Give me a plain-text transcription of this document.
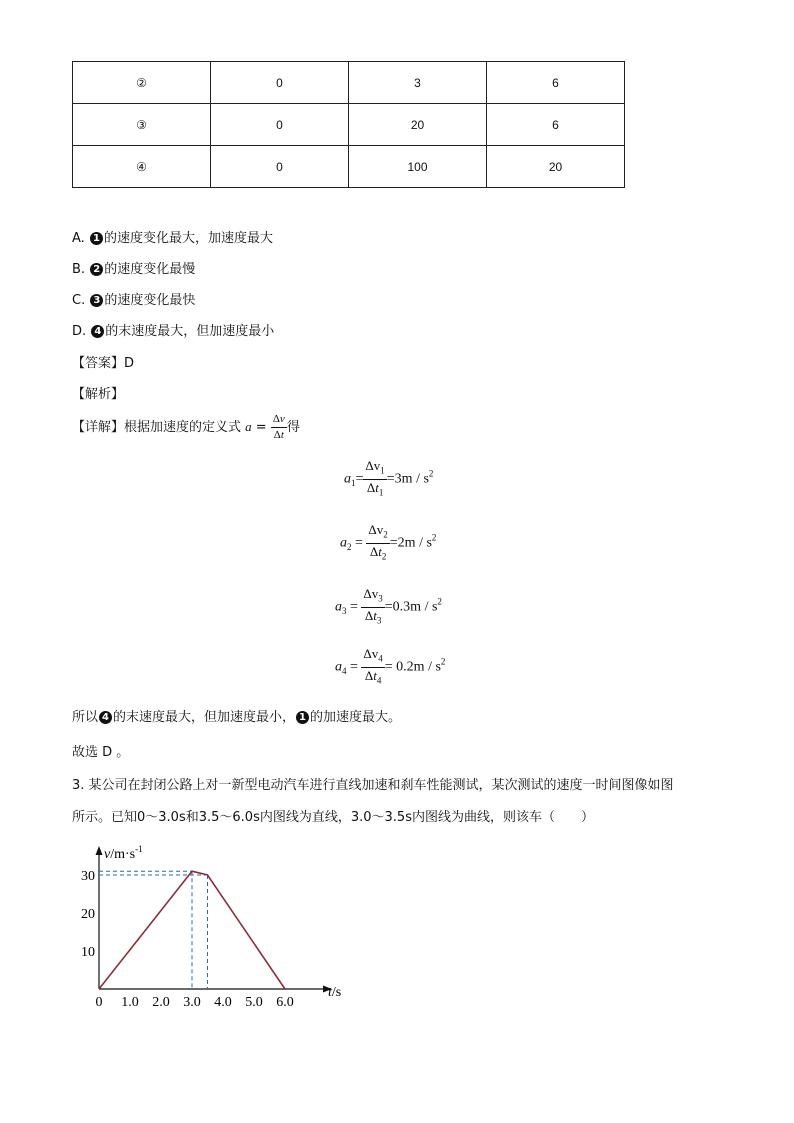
②	0	3	6
③	0	20	6
④	0	100	20
A. 1 的速度变化最大，加速度最大
B. 2 的速度变化最慢
C. 3 的速度变化最快
D. 4 的末速度最大，但加速度最小
【答案】D
【解析】
【详解】根据加速度的定义式 $a = \frac{\Delta v}{\Delta t}$ 得
$a_1= \frac{\Delta v_1}{\Delta t_1} =3m / s^2$
$a_2 = \frac{\Delta v_2}{\Delta t_2} =2m / s^2$
$a_3 = \frac{\Delta v_3}{\Delta t_3} =0.3m / s^2$
$a_4 = \frac{\Delta v_4}{\Delta t_4} = 0.2m / s^2$
所以 4 的末速度最大，但加速度最小， 1 的加速度最大。
故选 D 。
3. 某公司在封闭公路上对一新型电动汽车进行直线加速和刹车性能测试，某次测试的速度一时间图像如图
所示。已知0～3.0s和3.5～6.0s内图线为直线，3.0～3.5s内图线为曲线，则该车（　　）
$v/m\cdot s^{-1}$
t/s
0 1.0 2.0 3.0 4.0 5.0 6.0
10
20
30
